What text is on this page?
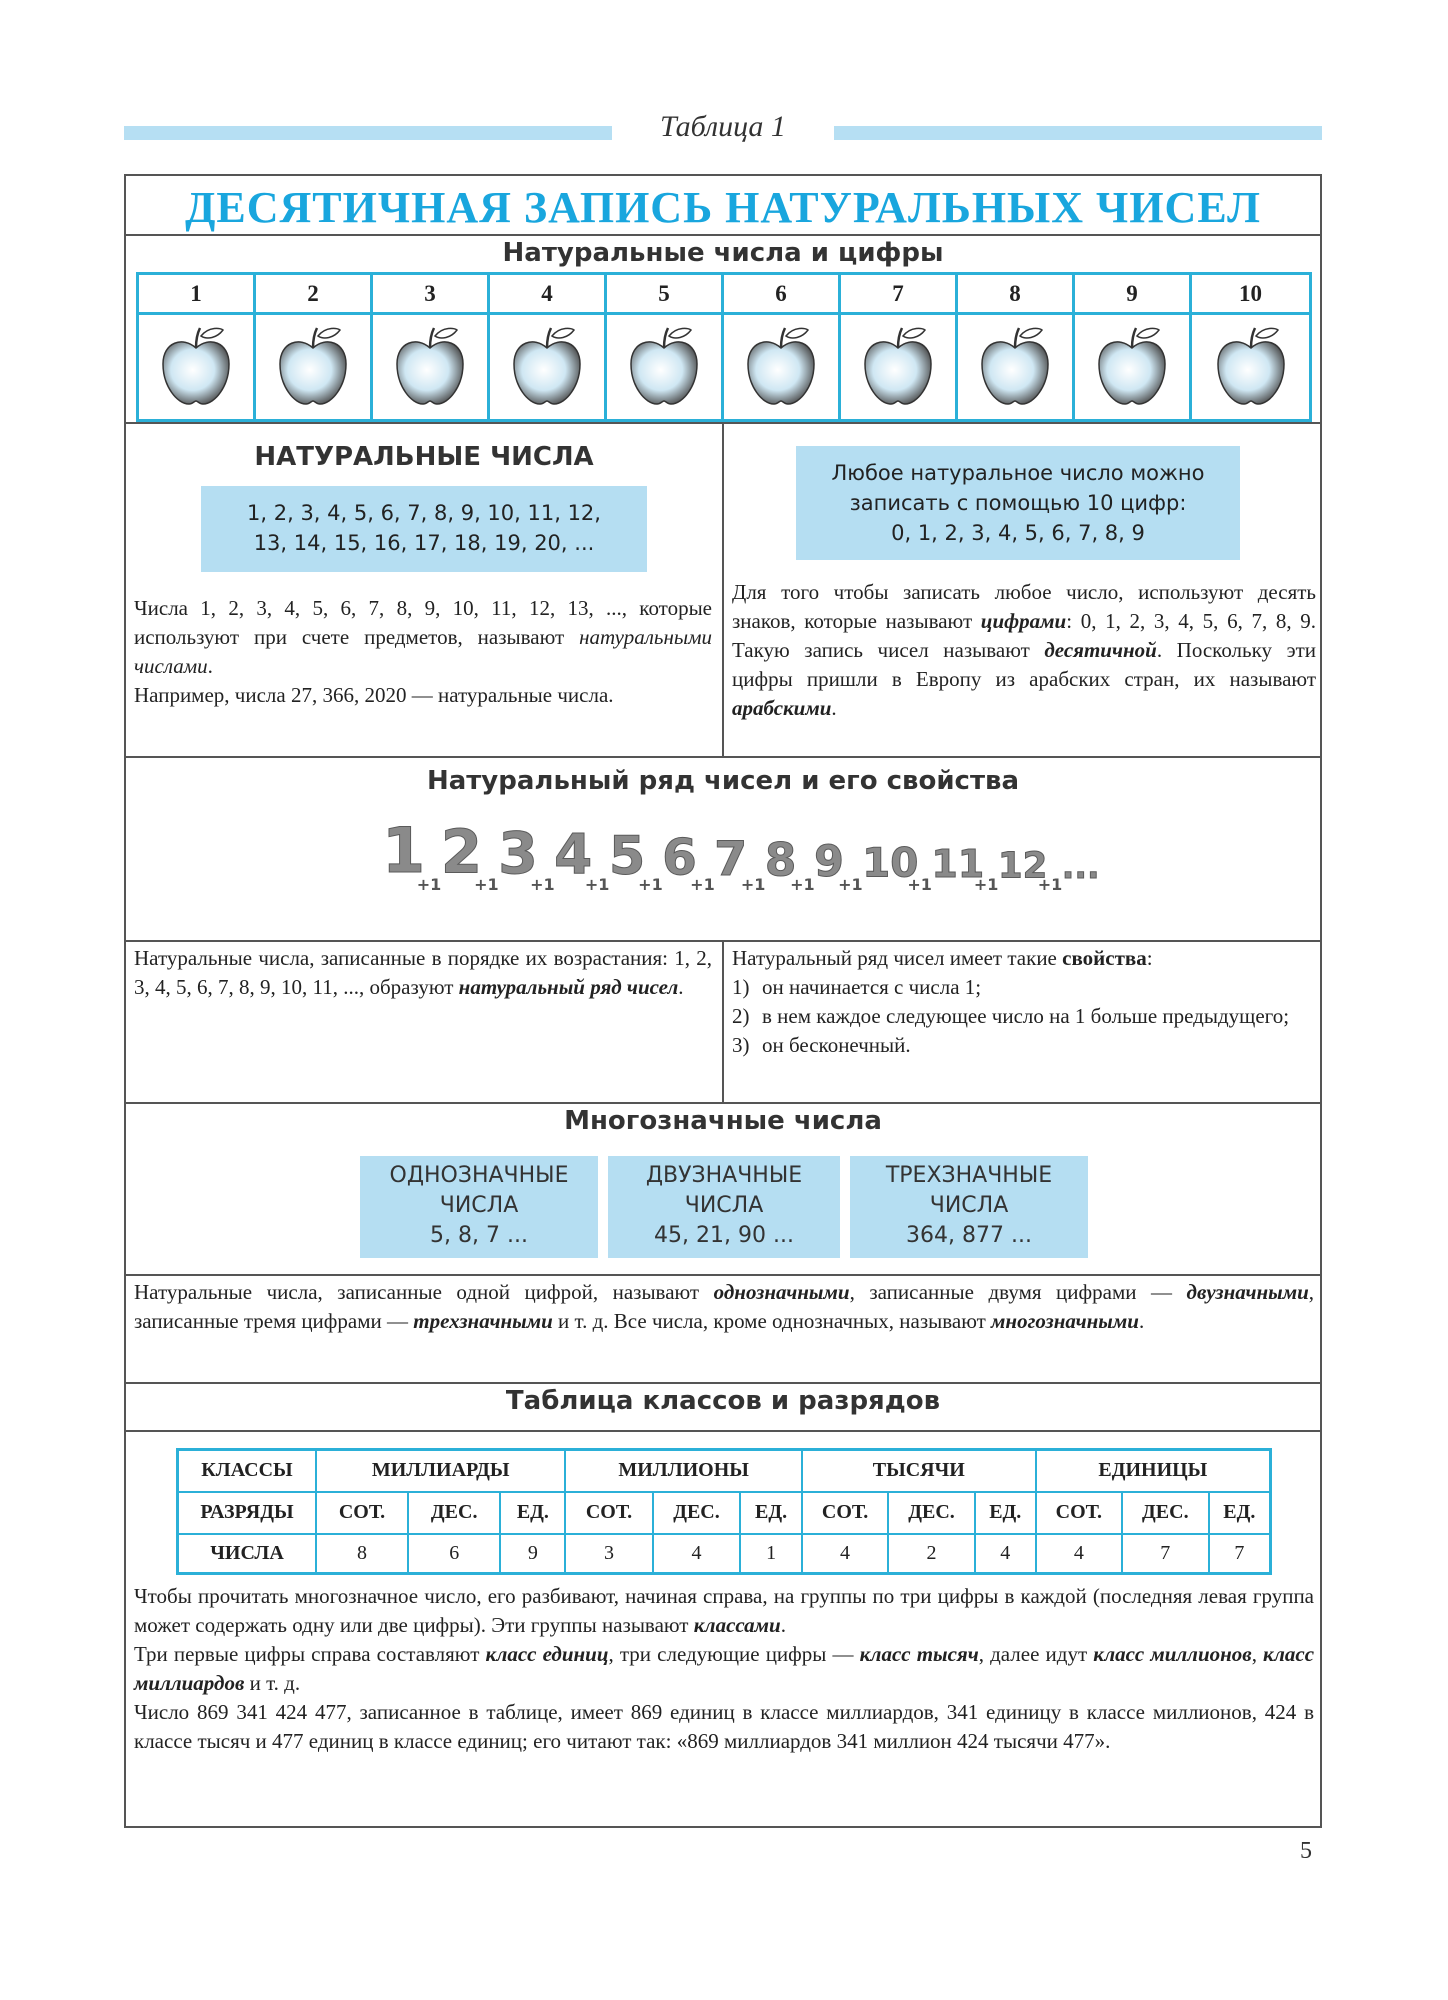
Таблица 1
ДЕСЯТИЧНАЯ ЗАПИСЬ НАТУРАЛЬНЫХ ЧИСЕЛ
Натуральные числа и цифры
1	2	3	4	5	6	7	8	9	10
НАТУРАЛЬНЫЕ ЧИСЛА
1, 2, 3, 4, 5, 6, 7, 8, 9, 10, 11, 12,
13, 14, 15, 16, 17, 18, 19, 20, ...
Числа 1, 2, 3, 4, 5, 6, 7, 8, 9, 10, 11, 12, 13, ..., которые используют при счете предметов, называют натуральными числами.
Например, числа 27, 366, 2020 — натуральные числа.
Любое натуральное число можно
записать с помощью 10 цифр:
0, 1, 2, 3, 4, 5, 6, 7, 8, 9
Для того чтобы записать любое число, используют десять знаков, которые называют цифрами: 0, 1, 2, 3, 4, 5, 6, 7, 8, 9. Такую запись чисел называют десятичной. Поскольку эти цифры пришли в Европу из арабских стран, их называют арабскими.
Натуральный ряд чисел и его свойства
1
+1 2
+1 3
+1 4
+1 5
+1 6
+1 7
+1 8
+1 9
+1 10
+1 11
+1 12
+1 ...
Натуральные числа, записанные в порядке их возрастания: 1, 2, 3, 4, 5, 6, 7, 8, 9, 10, 11, ..., образуют натуральный ряд чисел.
Натуральный ряд чисел имеет такие свойства:
1) он начинается с числа 1;
2) в нем каждое следующее число на 1 больше предыдущего;
3) он бесконечный.
Многозначные числа
ОДНОЗНАЧНЫЕ
ЧИСЛА
5, 8, 7 ...
ДВУЗНАЧНЫЕ
ЧИСЛА
45, 21, 90 ...
ТРЕХЗНАЧНЫЕ
ЧИСЛА
364, 877 ...
Натуральные числа, записанные одной цифрой, называют однозначными, записанные двумя цифрами — двузначными, записанные тремя цифрами — трехзначными и т. д. Все числа, кроме однозначных, называют многозначными.
Таблица классов и разрядов
КЛАССЫ	МИЛЛИАРДЫ			МИЛЛИОНЫ			ТЫСЯЧИ			ЕДИНИЦЫ		
РАЗРЯДЫ	СОТ.	ДЕС.	ЕД.	СОТ.	ДЕС.	ЕД.	СОТ.	ДЕС.	ЕД.	СОТ.	ДЕС.	ЕД.
ЧИСЛА	8	6	9	3	4	1	4	2	4	4	7	7
Чтобы прочитать многозначное число, его разбивают, начиная справа, на группы по три цифры в каждой (последняя левая группа может содержать одну или две цифры). Эти группы называют классами.
Три первые цифры справа составляют класс единиц, три следующие цифры — класс тысяч, далее идут класс миллионов, класс миллиардов и т. д.
Число 869 341 424 477, записанное в таблице, имеет 869 единиц в классе миллиардов, 341 единицу в классе миллионов, 424 в классе тысяч и 477 единиц в классе единиц; его читают так: «869 миллиардов 341 миллион 424 тысячи 477».
5
